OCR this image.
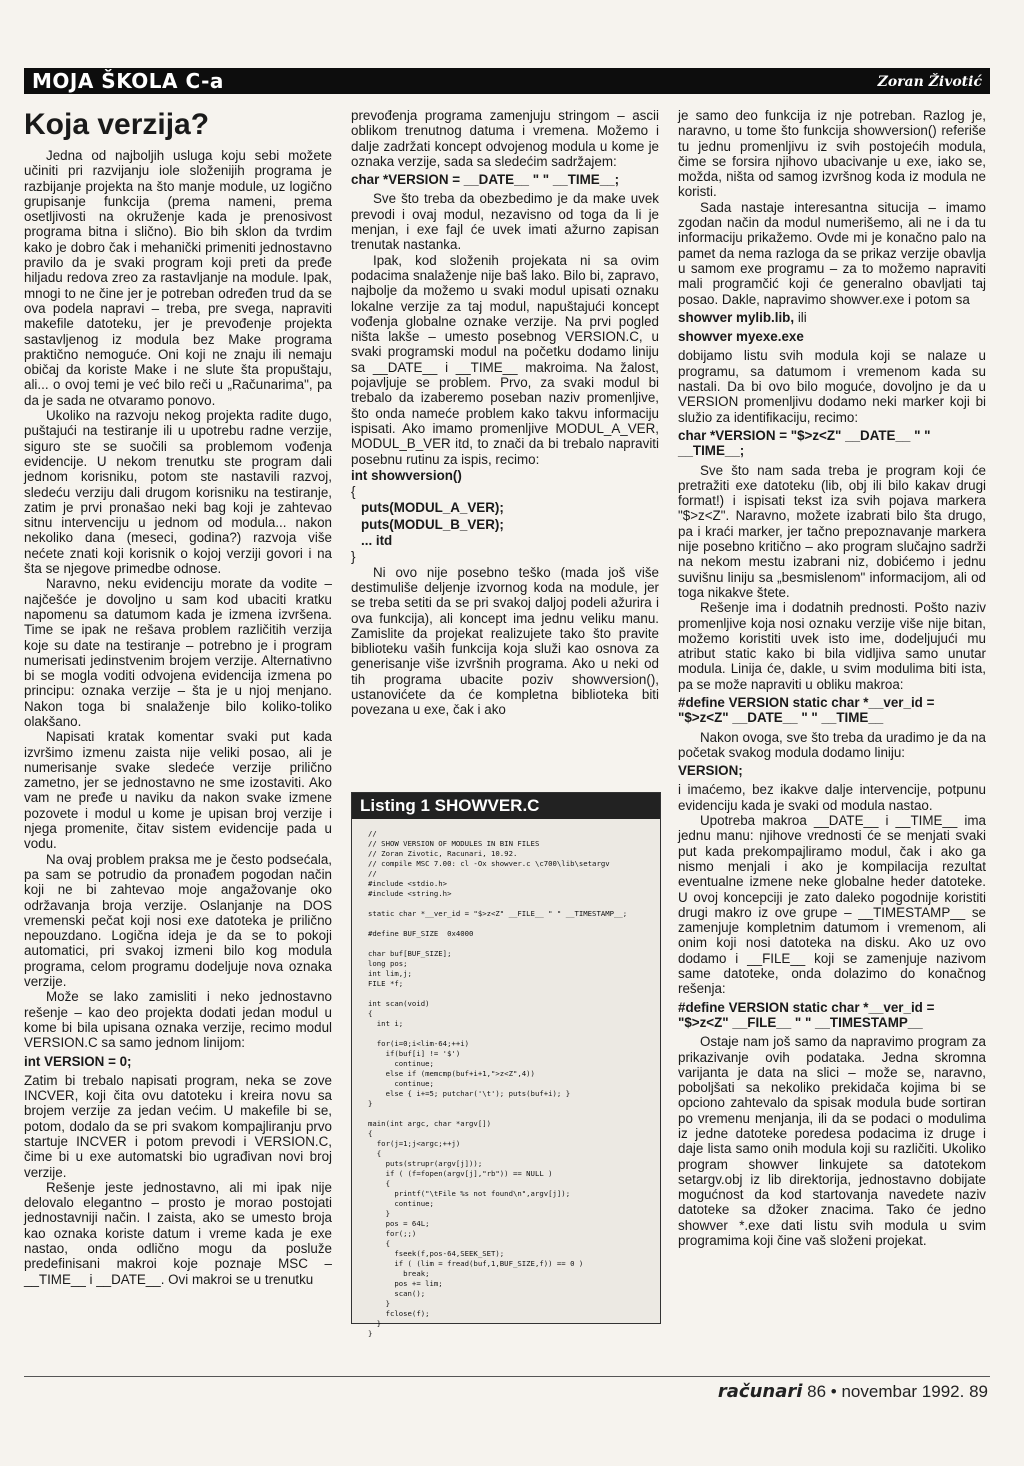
MOJA ŠKOLA C-a	Zoran Životić
Koja verzija?

Jedna od najboljih usluga koju sebi možete učiniti pri razvijanju iole složenijih programa je razbijanje projekta na što manje module, uz logično grupisanje funkcija (prema nameni, prema osetljivosti na okruženje kada je prenosivost programa bitna i slično). Bio bih sklon da tvrdim kako je dobro čak i mehanički primeniti jednostavno pravilo da je svaki program koji preti da pređe hiljadu redova zreo za rastavljanje na module. Ipak, mnogi to ne čine jer je potreban određen trud da se ova podela napravi – treba, pre svega, napraviti makefile datoteku, jer je prevođenje projekta sastavljenog iz modula bez Make programa praktično nemoguće. Oni koji ne znaju ili nemaju običaj da koriste Make i ne slute šta propuštaju, ali... o ovoj temi je već bilo reči u „Računarima", pa da je sada ne otvaramo ponovo.

Ukoliko na razvoju nekog projekta radite dugo, puštajući na testiranje ili u upotrebu radne verzije, siguro ste se suočili sa problemom vođenja evidencije. U nekom trenutku ste program dali jednom korisniku, potom ste nastavili razvoj, sledeću verziju dali drugom korisniku na testiranje, zatim je prvi pronašao neki bag koji je zahtevao sitnu intervenciju u jednom od modula... nakon nekoliko dana (meseci, godina?) razvoja više nećete znati koji korisnik o kojoj verziji govori i na šta se njegove primedbe odnose.

Naravno, neku evidenciju morate da vodite – najčešće je dovoljno u sam kod ubaciti kratku napomenu sa datumom kada je izmena izvršena. Time se ipak ne rešava problem različitih verzija koje su date na testiranje – potrebno je i program numerisati jedinstvenim brojem verzije. Alternativno bi se mogla voditi odvojena evidencija izmena po principu: oznaka verzije – šta je u njoj menjano. Nakon toga bi snalaženje bilo koliko-toliko olakšano.

Napisati kratak komentar svaki put kada izvršimo izmenu zaista nije veliki posao, ali je numerisanje svake sledeće verzije prilično zametno, jer se jednostavno ne sme izostaviti. Ako vam ne pređe u naviku da nakon svake izmene pozovete i modul u kome je upisan broj verzije i njega promenite, čitav sistem evidencije pada u vodu.

Na ovaj problem praksa me je često podsećala, pa sam se potrudio da pronađem pogodan način koji ne bi zahtevao moje angažovanje oko održavanja broja verzije. Oslanjanje na DOS vremenski pečat koji nosi exe datoteka je prilično nepouzdano. Logična ideja je da se to pokoji automatici, pri svakoj izmeni bilo kog modula programa, celom programu dodeljuje nova oznaka verzije.

Može se lako zamisliti i neko jednostavno rešenje – kao deo projekta dodati jedan modul u kome bi bila upisana oznaka verzije, recimo modul VERSION.C sa samo jednom linijom:

int VERSION = 0;

Zatim bi trebalo napisati program, neka se zove INCVER, koji čita ovu datoteku i kreira novu sa brojem verzije za jedan većim. U makefile bi se, potom, dodalo da se pri svakom kompajliranju prvo startuje INCVER i potom prevodi i VERSION.C, čime bi u exe automatski bio ugrađivan novi broj verzije.

Rešenje jeste jednostavno, ali mi ipak nije delovalo elegantno – prosto je morao postojati jednostavniji način. I zaista, ako se umesto broja kao oznaka koriste datum i vreme kada je exe nastao, onda odlično mogu da posluže predefinisani makroi koje poznaje MSC – __TIME__ i __DATE__. Ovi makroi se u trenutku

prevođenja programa zamenjuju stringom – ascii oblikom trenutnog datuma i vremena. Možemo i dalje zadržati koncept odvojenog modula u kome je oznaka verzije, sada sa sledećim sadržajem:

char *VERSION = __DATE__ " " __TIME__;

Sve što treba da obezbedimo je da make uvek prevodi i ovaj modul, nezavisno od toga da li je menjan, i exe fajl će uvek imati ažurno zapisan trenutak nastanka.

Ipak, kod složenih projekata ni sa ovim podacima snalaženje nije baš lako. Bilo bi, zapravo, najbolje da možemo u svaki modul upisati oznaku lokalne verzije za taj modul, napuštajući koncept vođenja globalne oznake verzije. Na prvi pogled ništa lakše – umesto posebnog VERSION.C, u svaki programski modul na početku dodamo liniju sa __DATE__ i __TIME__ makroima. Na žalost, pojavljuje se problem. Prvo, za svaki modul bi trebalo da izaberemo poseban naziv promenljive, što onda nameće problem kako takvu informaciju ispisati. Ako imamo promenljive MODUL_A_VER, MODUL_B_VER itd, to znači da bi trebalo napraviti posebnu rutinu za ispis, recimo:

int showversion()

{

puts(MODUL_A_VER);

puts(MODUL_B_VER);

... itd

}

Ni ovo nije posebno teško (mada još više destimuliše deljenje izvornog koda na module, jer se treba setiti da se pri svakoj daljoj podeli ažurira i ova funkcija), ali koncept ima jednu veliku manu. Zamislite da projekat realizujete tako što pravite biblioteku vaših funkcija koja služi kao osnova za generisanje više izvršnih programa. Ako u neki od tih programa ubacite poziv showversion(), ustanovićete da će kompletna biblioteka biti povezana u exe, čak i ako

Listing 1 SHOWVER.C
//
// SHOW VERSION OF MODULES IN BIN FILES
// Zoran Zivotic, Racunari, 10.92.
// compile MSC 7.00: cl -Ox showver.c \c700\lib\setargv
//
#include <stdio.h>
#include <string.h>

static char *__ver_id = "$>z<Z" __FILE__ " " __TIMESTAMP__;

#define BUF_SIZE  0x4000

char buf[BUF_SIZE];
long pos;
int lim,j;
FILE *f;

int scan(void)
{
int i;

for(i=0;i<lim-64;++i)
if(buf[i] != '$')
continue;
else if (memcmp(buf+i+1,">z<Z",4))
continue;
else { i+=5; putchar('\t'); puts(buf+i); }
}

main(int argc, char *argv[])
{
for(j=1;j<argc;++j)
{
puts(strupr(argv[j]));
if ( (f=fopen(argv[j],"rb")) == NULL )
{
printf("\tFile %s not found\n",argv[j]);
continue;
}
pos = 64L;
for(;;)
{
fseek(f,pos-64,SEEK_SET);
if ( (lim = fread(buf,1,BUF_SIZE,f)) == 0 )
break;
pos += lim;
scan();
}
fclose(f);
}
}

je samo deo funkcija iz nje potreban. Razlog je, naravno, u tome što funkcija showversion() referiše tu jednu promenljivu iz svih postojećih modula, čime se forsira njihovo ubacivanje u exe, iako se, možda, ništa od samog izvršnog koda iz modula ne koristi.

Sada nastaje interesantna situcija – imamo zgodan način da modul numerišemo, ali ne i da tu informaciju prikažemo. Ovde mi je konačno palo na pamet da nema razloga da se prikaz verzije obavlja u samom exe programu – za to možemo napraviti mali programčić koji će generalno obavljati taj posao. Dakle, napravimo showver.exe i potom sa

showver mylib.lib, ili

showver myexe.exe

dobijamo listu svih modula koji se nalaze u programu, sa datumom i vremenom kada su nastali. Da bi ovo bilo moguće, dovoljno je da u VERSION promenljivu dodamo neki marker koji bi služio za identifikaciju, recimo:

char *VERSION = "$>z<Z" __DATE__ " " __TIME__;

Sve što nam sada treba je program koji će pretražiti exe datoteku (lib, obj ili bilo kakav drugi format!) i ispisati tekst iza svih pojava markera "$>z<Z". Naravno, možete izabrati bilo šta drugo, pa i kraći marker, jer tačno prepoznavanje markera nije posebno kritično – ako program slučajno sadrži na nekom mestu izabrani niz, dobićemo i jednu suvišnu liniju sa „besmislenom" informacijom, ali od toga nikakve štete.

Rešenje ima i dodatnih prednosti. Pošto naziv promenljive koja nosi oznaku verzije više nije bitan, možemo koristiti uvek isto ime, dodeljujući mu atribut static kako bi bila vidljiva samo unutar modula. Linija će, dakle, u svim modulima biti ista, pa se može napraviti u obliku makroa:

#define VERSION static char *__ver_id = "$>z<Z" __DATE__ " " __TIME__

Nakon ovoga, sve što treba da uradimo je da na početak svakog modula dodamo liniju:

VERSION;

i imaćemo, bez ikakve dalje intervencije, potpunu evidenciju kada je svaki od modula nastao.

Upotreba makroa __DATE__ i __TIME__ ima jednu manu: njihove vrednosti će se menjati svaki put kada prekompajliramo modul, čak i ako ga nismo menjali i ako je kompilacija rezultat eventualne izmene neke globalne heder datoteke. U ovoj koncepciji je zato daleko pogodnije koristiti drugi makro iz ove grupe – __TIMESTAMP__ se zamenjuje kompletnim datumom i vremenom, ali onim koji nosi datoteka na disku. Ako uz ovo dodamo i __FILE__ koji se zamenjuje nazivom same datoteke, onda dolazimo do konačnog rešenja:

#define VERSION static char *__ver_id = "$>z<Z" __FILE__ " " __TIMESTAMP__

Ostaje nam još samo da napravimo program za prikazivanje ovih podataka. Jedna skromna varijanta je data na slici – može se, naravno, poboljšati sa nekoliko prekidača kojima bi se opciono zahtevalo da spisak modula bude sortiran po vremenu menjanja, ili da se podaci o modulima iz jedne datoteke poredesa podacima iz druge i daje lista samo onih modula koji su različiti. Ukoliko program showver linkujete sa datotekom setargv.obj iz lib direktorija, jednostavno dobijate mogućnost da kod startovanja navedete naziv datoteke sa džoker znacima. Tako će jedno showver *.exe dati listu svih modula u svim programima koji čine vaš složeni projekat.

računari 86 • novembar 1992. 89
